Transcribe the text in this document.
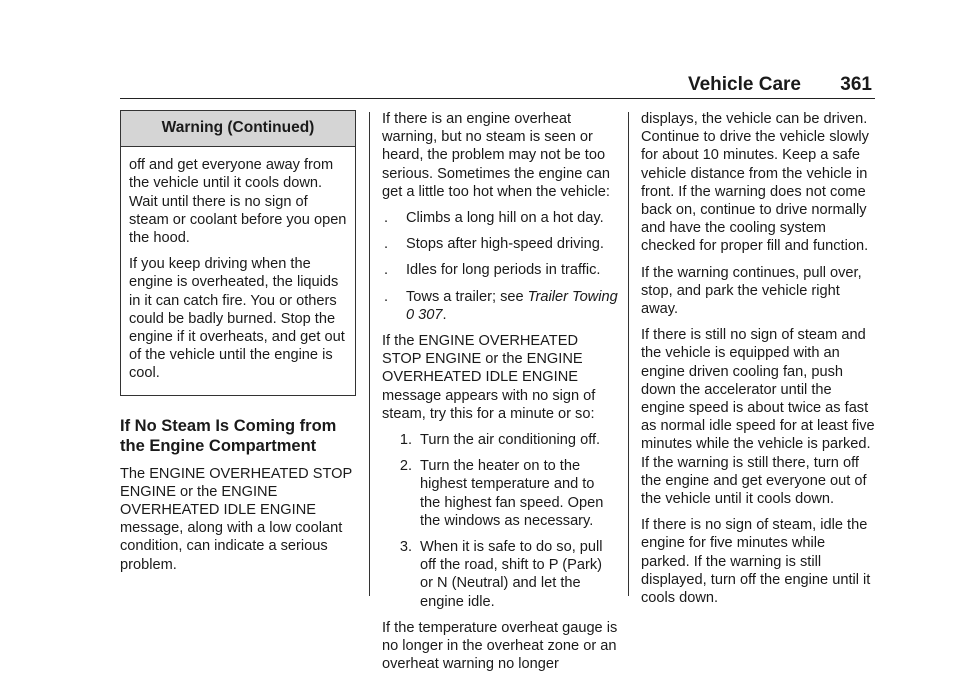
Vehicle Care 361
Warning (Continued)

off and get everyone away from the vehicle until it cools down. Wait until there is no sign of steam or coolant before you open the hood.

If you keep driving when the engine is overheated, the liquids in it can catch fire. You or others could be badly burned. Stop the engine if it overheats, and get out of the vehicle until the engine is cool.

If No Steam Is Coming from the Engine Compartment

The ENGINE OVERHEATED STOP ENGINE or the ENGINE OVERHEATED IDLE ENGINE message, along with a low coolant condition, can indicate a serious problem.

If there is an engine overheat warning, but no steam is seen or heard, the problem may not be too serious. Sometimes the engine can get a little too hot when the vehicle:

.	Climbs a long hill on a hot day.
.	Stops after high-speed driving.
.	Idles for long periods in traffic.
.	Tows a trailer; see Trailer Towing 0 307.

If the ENGINE OVERHEATED STOP ENGINE or the ENGINE OVERHEATED IDLE ENGINE message appears with no sign of steam, try this for a minute or so:

1. Turn the air conditioning off.
2. Turn the heater on to the highest temperature and to the highest fan speed. Open the windows as necessary.
3. When it is safe to do so, pull off the road, shift to P (Park) or N (Neutral) and let the engine idle.

If the temperature overheat gauge is no longer in the overheat zone or an overheat warning no longer

displays, the vehicle can be driven. Continue to drive the vehicle slowly for about 10 minutes. Keep a safe vehicle distance from the vehicle in front. If the warning does not come back on, continue to drive normally and have the cooling system checked for proper fill and function.

If the warning continues, pull over, stop, and park the vehicle right away.

If there is still no sign of steam and the vehicle is equipped with an engine driven cooling fan, push down the accelerator until the engine speed is about twice as fast as normal idle speed for at least five minutes while the vehicle is parked. If the warning is still there, turn off the engine and get everyone out of the vehicle until it cools down.

If there is no sign of steam, idle the engine for five minutes while parked. If the warning is still displayed, turn off the engine until it cools down.
